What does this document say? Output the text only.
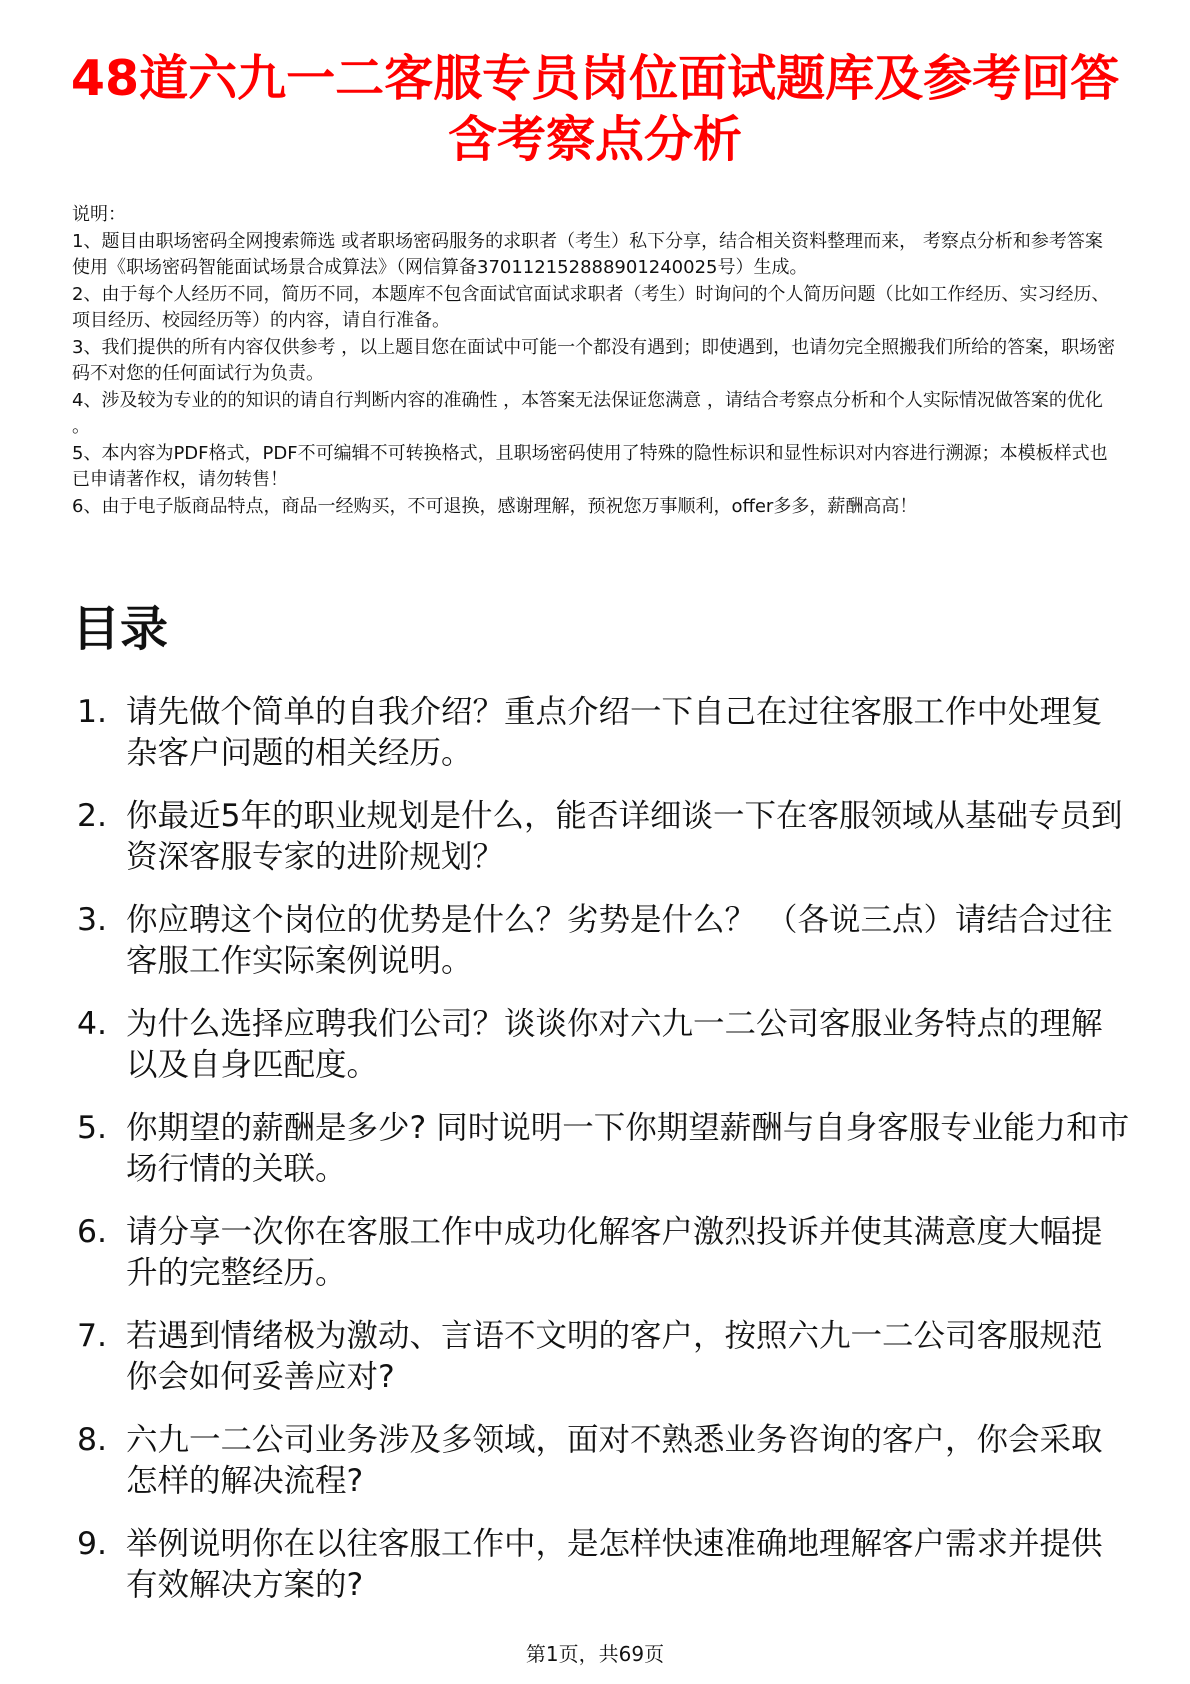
48道六九一二客服专员岗位面试题库及参考回答含考察点分析

说明：

1、题目由职场密码全网搜索筛选 或者职场密码服务的求职者（考生）私下分享，结合相关资料整理而来， 考察点分析和参考答案使用《职场密码智能面试场景合成算法》（网信算备370112152888901240025号）生成。

2、由于每个人经历不同，简历不同，本题库不包含面试官面试求职者（考生）时询问的个人简历问题（比如工作经历、实习经历、项目经历、校园经历等）的内容，请自行准备。

3、我们提供的所有内容仅供参考 ，以上题目您在面试中可能一个都没有遇到；即使遇到，也请勿完全照搬我们所给的答案，职场密码不对您的任何面试行为负责。

4、涉及较为专业的的知识的请自行判断内容的准确性 ，本答案无法保证您满意 ，请结合考察点分析和个人实际情况做答案的优化 。

5、本内容为PDF格式，PDF不可编辑不可转换格式，且职场密码使用了特殊的隐性标识和显性标识对内容进行溯源；本模板样式也已申请著作权，请勿转售！

6、由于电子版商品特点，商品一经购买，不可退换，感谢理解，预祝您万事顺利，offer多多，薪酬高高！

目录
1. 请先做个简单的自我介绍？重点介绍一下自己在过往客服工作中处理复杂客户问题的相关经历。
2. 你最近5年的职业规划是什么，能否详细谈一下在客服领域从基础专员到资深客服专家的进阶规划？
3. 你应聘这个岗位的优势是什么？劣势是什么？ （各说三点）请结合过往客服工作实际案例说明。
4. 为什么选择应聘我们公司？谈谈你对六九一二公司客服业务特点的理解以及自身匹配度。
5. 你期望的薪酬是多少? 同时说明一下你期望薪酬与自身客服专业能力和市场行情的关联。
6. 请分享一次你在客服工作中成功化解客户激烈投诉并使其满意度大幅提升的完整经历。
7. 若遇到情绪极为激动、言语不文明的客户，按照六九一二公司客服规范你会如何妥善应对?
8. 六九一二公司业务涉及多领域，面对不熟悉业务咨询的客户，你会采取怎样的解决流程?
9. 举例说明你在以往客服工作中，是怎样快速准确地理解客户需求并提供有效解决方案的?
第1页，共69页
